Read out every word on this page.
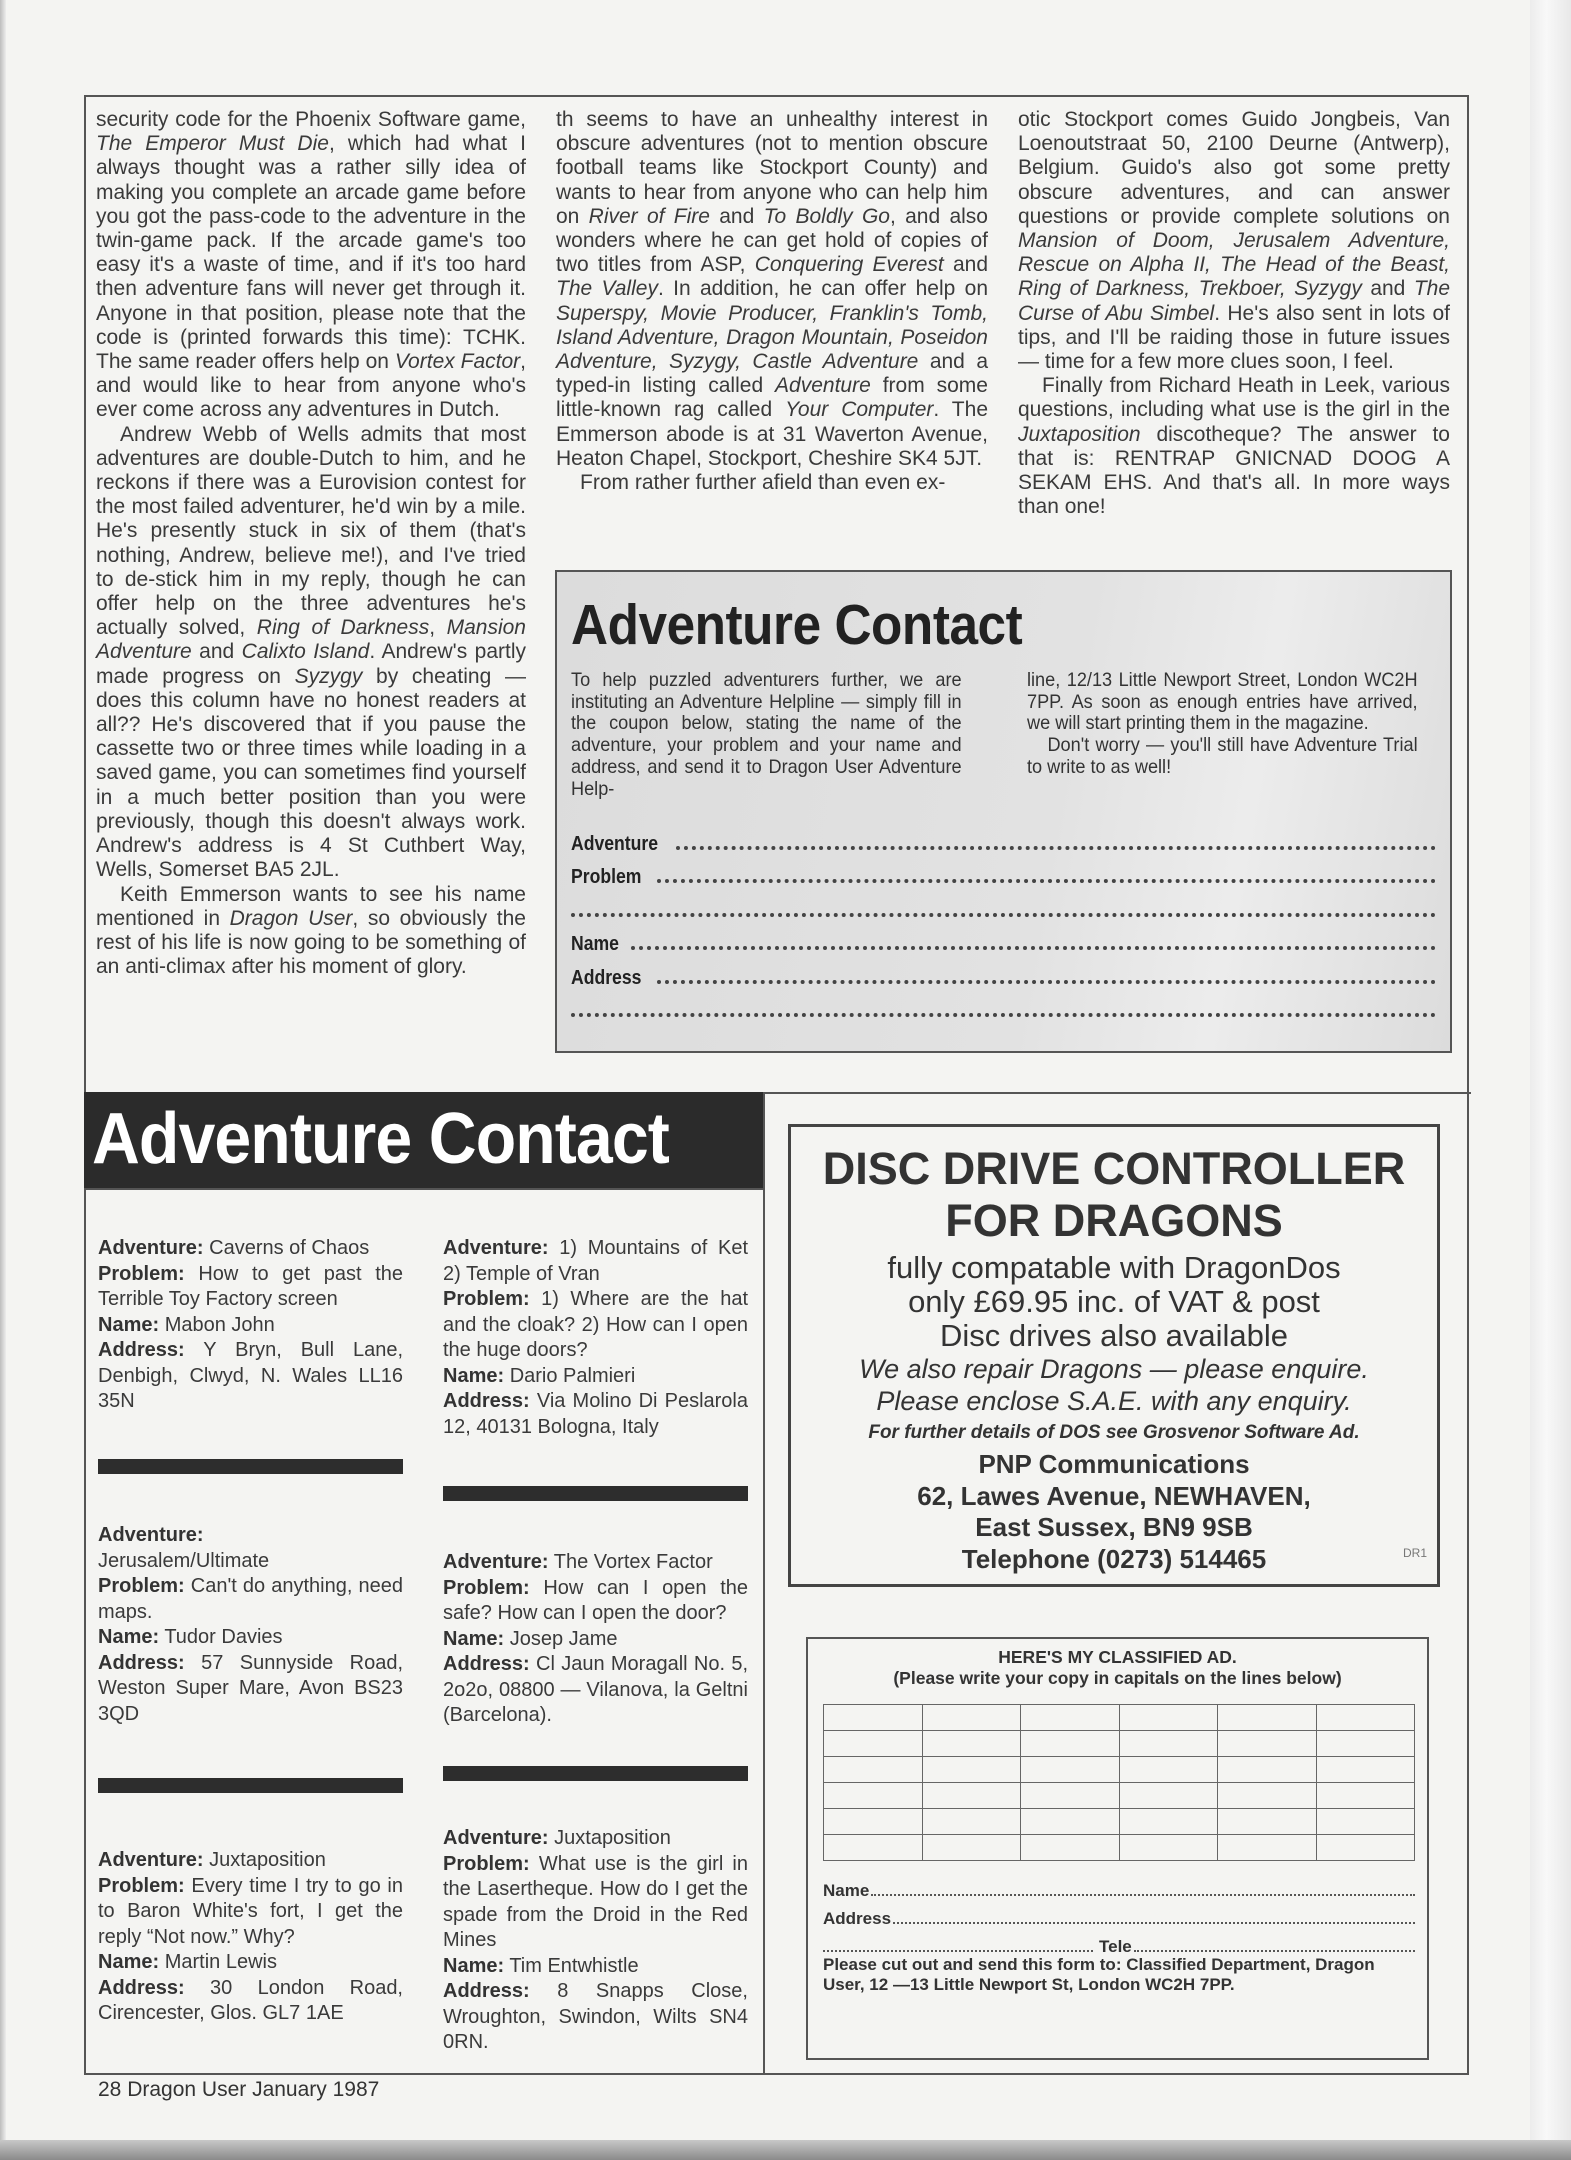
security code for the Phoenix Software game, The Emperor Must Die, which had what I always thought was a rather silly idea of making you complete an arcade game before you got the pass-code to the adventure in the twin-game pack. If the arcade game's too easy it's a waste of time, and if it's too hard then adventure fans will never get through it. Anyone in that position, please note that the code is (printed forwards this time): TCHK. The same reader offers help on Vortex Factor, and would like to hear from anyone who's ever come across any adventures in Dutch.

Andrew Webb of Wells admits that most adventures are double-Dutch to him, and he reckons if there was a Eurovision contest for the most failed adventurer, he'd win by a mile. He's presently stuck in six of them (that's nothing, Andrew, believe me!), and I've tried to de-stick him in my reply, though he can offer help on the three adventures he's actually solved, Ring of Darkness, Mansion Adventure and Calixto Island. Andrew's partly made progress on Syzygy by cheating — does this column have no honest readers at all?? He's discovered that if you pause the cassette two or three times while loading in a saved game, you can sometimes find yourself in a much better position than you were previously, though this doesn't always work. Andrew's address is 4 St Cuthbert Way, Wells, Somerset BA5 2JL.

Keith Emmerson wants to see his name mentioned in Dragon User, so obviously the rest of his life is now going to be something of an anti-climax after his moment of glory.

th seems to have an unhealthy interest in obscure adventures (not to mention obscure football teams like Stockport County) and wants to hear from anyone who can help him on River of Fire and To Boldly Go, and also wonders where he can get hold of copies of two titles from ASP, Conquering Everest and The Valley. In addition, he can offer help on Superspy, Movie Producer, Franklin's Tomb, Island Adventure, Dragon Mountain, Poseidon Adventure, Syzygy, Castle Adventure and a typed-in listing called Adventure from some little-known rag called Your Computer. The Emmerson abode is at 31 Waverton Avenue, Heaton Chapel, Stockport, Cheshire SK4 5JT.

From rather further afield than even ex-

otic Stockport comes Guido Jongbeis, Van Loenoutstraat 50, 2100 Deurne (Antwerp), Belgium. Guido's also got some pretty obscure adventures, and can answer questions or provide complete solutions on Mansion of Doom, Jerusalem Adventure, Rescue on Alpha II, The Head of the Beast, Ring of Darkness, Trekboer, Syzygy and The Curse of Abu Simbel. He's also sent in lots of tips, and I'll be raiding those in future issues — time for a few more clues soon, I feel.

Finally from Richard Heath in Leek, various questions, including what use is the girl in the Juxtaposition discotheque? The answer to that is: RENTRAP GNICNAD DOOG A SEKAM EHS. And that's all. In more ways than one!

Adventure Contact

To help puzzled adventurers further, we are instituting an Adventure Helpline — simply fill in the coupon below, stating the name of the adventure, your problem and your name and address, and send it to Dragon User Adventure Help-

line, 12/13 Little Newport Street, London WC2H 7PP. As soon as enough entries have arrived, we will start printing them in the magazine.

Don't worry — you'll still have Adventure Trial to write to as well!

Adventure
Problem
Name
Address
Adventure Contact

Adventure: Caverns of Chaos

Problem: How to get past the Terrible Toy Factory screen

Name: Mabon John

Address: Y Bryn, Bull Lane, Denbigh, Clwyd, N. Wales LL16 35N

Adventure: 1) Mountains of Ket 2) Temple of Vran

Problem: 1) Where are the hat and the cloak? 2) How can I open the huge doors?

Name: Dario Palmieri

Address: Via Molino Di Peslarola 12, 40131 Bologna, Italy

Adventure:
Jerusalem/Ultimate

Problem: Can't do anything, need maps.

Name: Tudor Davies

Address: 57 Sunnyside Road, Weston Super Mare, Avon BS23 3QD

Adventure: The Vortex Factor

Problem: How can I open the safe? How can I open the door?

Name: Josep Jame

Address: Cl Jaun Moragall No. 5, 2o2o, 08800 — Vilanova, la Geltni (Barcelona).

Adventure: Juxtaposition

Problem: Every time I try to go in to Baron White's fort, I get the reply “Not now.” Why?

Name: Martin Lewis

Address: 30 London Road, Cirencester, Glos. GL7 1AE

Adventure: Juxtaposition

Problem: What use is the girl in the Lasertheque. How do I get the spade from the Droid in the Red Mines

Name: Tim Entwhistle

Address: 8 Snapps Close, Wroughton, Swindon, Wilts SN4 0RN.

DISC DRIVE CONTROLLER
FOR DRAGONS
fully compatable with DragonDos
only £69.95 inc. of VAT & post
Disc drives also available
We also repair Dragons — please enquire.
Please enclose S.A.E. with any enquiry.
For further details of DOS see Grosvenor Software Ad.
PNP Communications
62, Lawes Avenue, NEWHAVEN,
East Sussex, BN9 9SB
Telephone (0273) 514465	DR1
HERE'S MY CLASSIFIED AD.
(Please write your copy in capitals on the lines below)

Name
Address
Tele
Please cut out and send this form to: Classified Department, Dragon User, 12 —13 Little Newport St, London WC2H 7PP.
28 Dragon User January 1987
